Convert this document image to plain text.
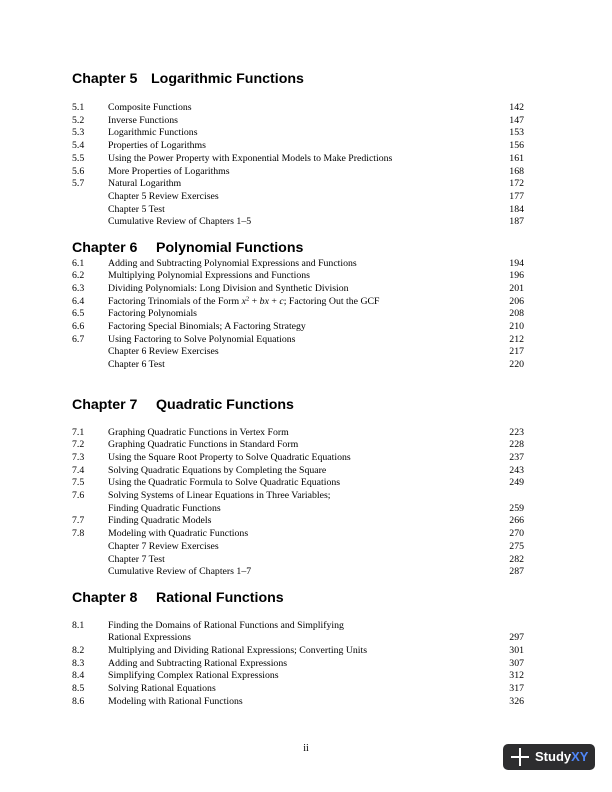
Chapter 5 Logarithmic Functions
5.1 Composite Functions	142
5.2 Inverse Functions	147
5.3 Logarithmic Functions	153
5.4 Properties of Logarithms	156
5.5 Using the Power Property with Exponential Models to Make Predictions	161
5.6 More Properties of Logarithms	168
5.7 Natural Logarithm	172
Chapter 5 Review Exercises	177
Chapter 5 Test	184
Cumulative Review of Chapters 1–5	187
Chapter 6 Polynomial Functions
6.1 Adding and Subtracting Polynomial Expressions and Functions	194
6.2 Multiplying Polynomial Expressions and Functions	196
6.3 Dividing Polynomials: Long Division and Synthetic Division	201
6.4 Factoring Trinomials of the Form $x^2$ + bx + c; Factoring Out the GCF	206
6.5 Factoring Polynomials	208
6.6 Factoring Special Binomials; A Factoring Strategy	210
6.7 Using Factoring to Solve Polynomial Equations	212
Chapter 6 Review Exercises	217
Chapter 6 Test	220
Chapter 7 Quadratic Functions
7.1 Graphing Quadratic Functions in Vertex Form	223
7.2 Graphing Quadratic Functions in Standard Form	228
7.3 Using the Square Root Property to Solve Quadratic Equations	237
7.4 Solving Quadratic Equations by Completing the Square	243
7.5 Using the Quadratic Formula to Solve Quadratic Equations	249
7.6 Solving Systems of Linear Equations in Three Variables;
Finding Quadratic Functions	259
7.7 Finding Quadratic Models	266
7.8 Modeling with Quadratic Functions	270
Chapter 7 Review Exercises	275
Chapter 7 Test	282
Cumulative Review of Chapters 1–7	287
Chapter 8 Rational Functions
8.1 Finding the Domains of Rational Functions and Simplifying
Rational Expressions	297
8.2 Multiplying and Dividing Rational Expressions; Converting Units	301
8.3 Adding and Subtracting Rational Expressions	307
8.4 Simplifying Complex Rational Expressions	312
8.5 Solving Rational Equations	317
8.6 Modeling with Rational Functions	326

ii

StudyXY
